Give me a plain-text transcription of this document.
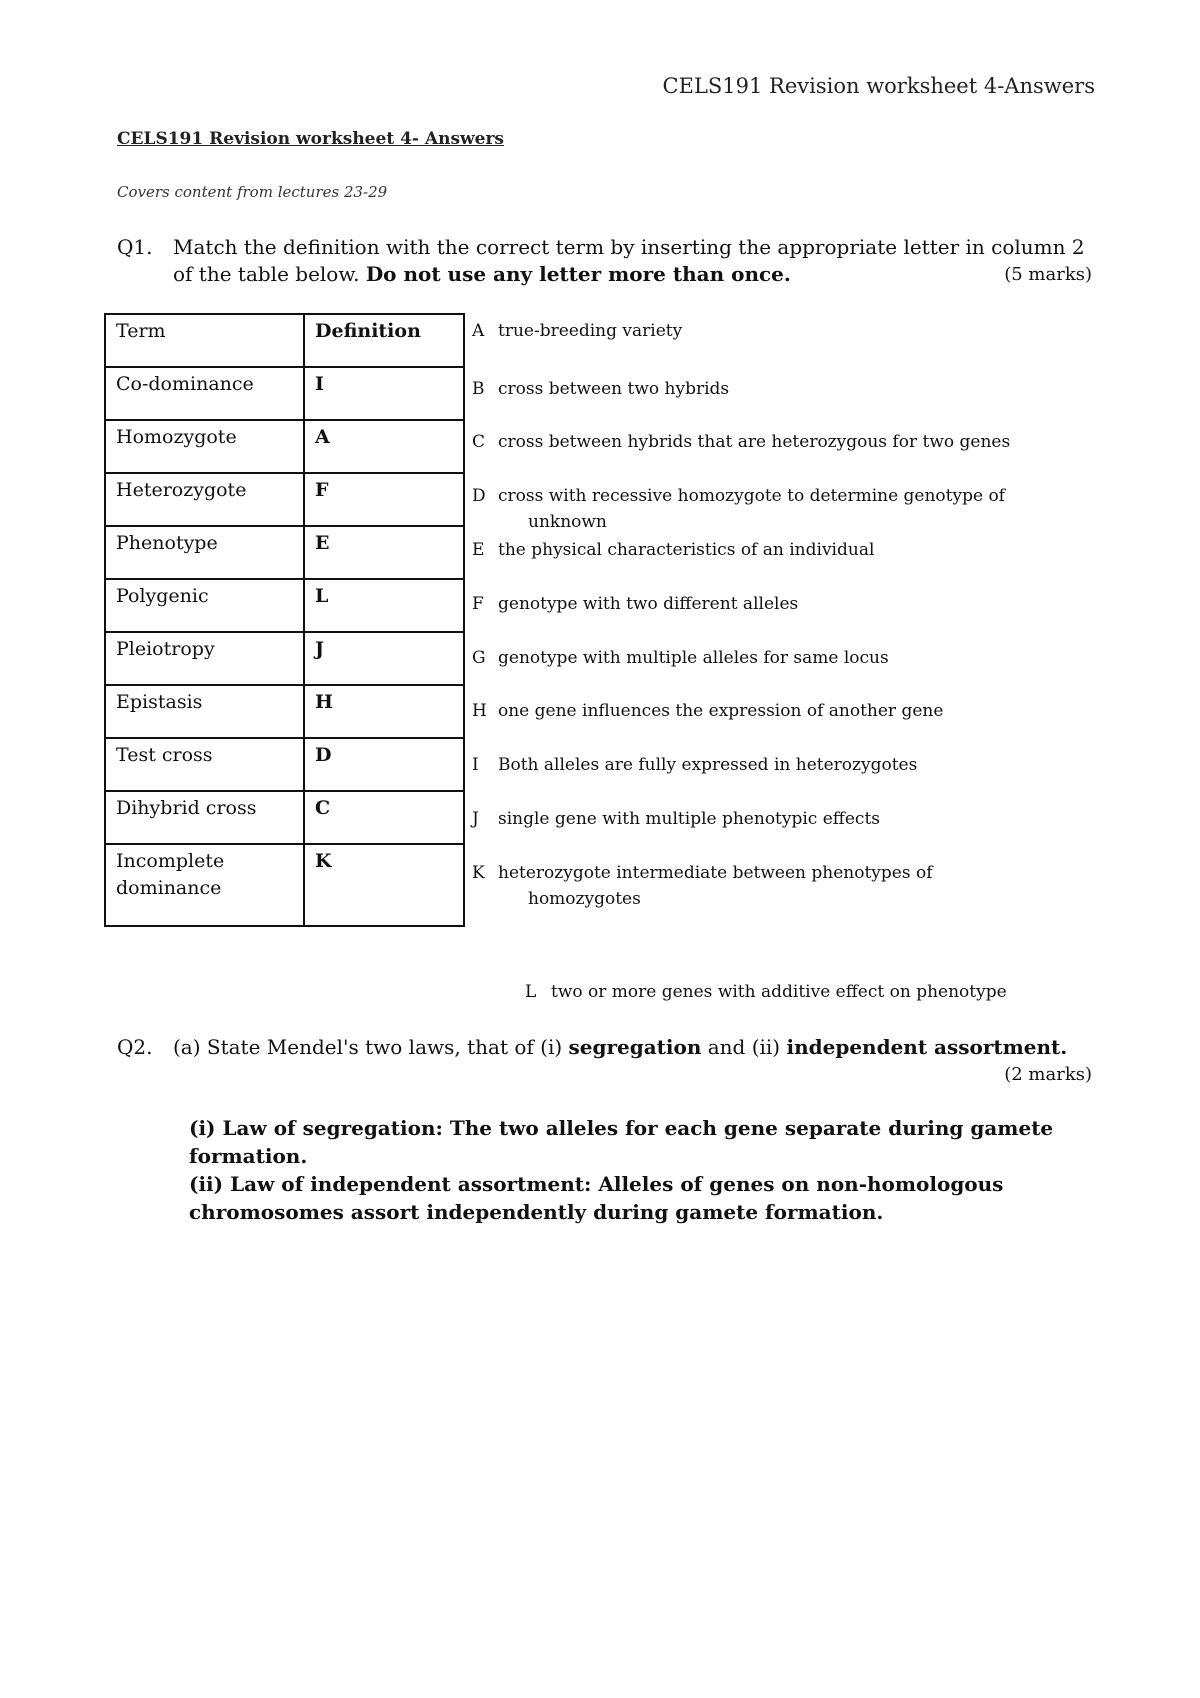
CELS191 Revision worksheet 4-Answers
CELS191 Revision worksheet 4- Answers
Covers content from lectures 23-29
Q1. Match the definition with the correct term by inserting the appropriate letter in column 2 of the table below. Do not use any letter more than once.	(5 marks)
Term	Definition
Co-dominance	I
Homozygote	A
Heterozygote	F
Phenotype	E
Polygenic	L
Pleiotropy	J
Epistasis	H
Test cross	D
Dihybrid cross	C
Incomplete dominance	K
A true-breeding variety
B cross between two hybrids
C cross between hybrids that are heterozygous for two genes
D cross with recessive homozygote to determine genotype of
unknown
E the physical characteristics of an individual
F genotype with two different alleles
G genotype with multiple alleles for same locus
H one gene influences the expression of another gene
I Both alleles are fully expressed in heterozygotes
J single gene with multiple phenotypic effects
K heterozygote intermediate between phenotypes of
homozygotes
L two or more genes with additive effect on phenotype
Q2. (a) State Mendel's two laws, that of (i) segregation and (ii) independent assortment.
(2 marks)

(i) Law of segregation: The two alleles for each gene separate during gamete formation.

(ii) Law of independent assortment: Alleles of genes on non-homologous chromosomes assort independently during gamete formation.
